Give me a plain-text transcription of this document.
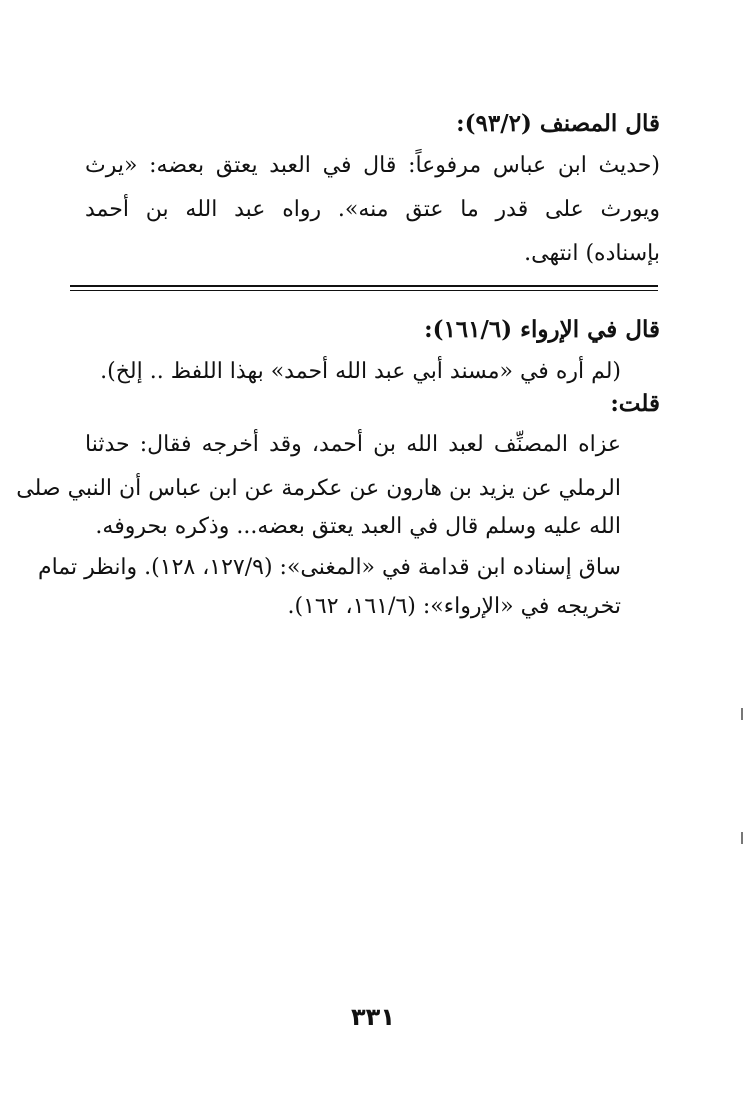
قال المصنف (٩٣/٢):
(حديث ابن عباس مرفوعاً: قال في العبد يعتق بعضه: «يرث
ويورث على قدر ما عتق منه». رواه عبد الله بن أحمد
بإسناده) انتهى.
قال في الإرواء (١٦١/٦):
(لم أره في «مسند أبي عبد الله أحمد» بهذا اللفظ .. إلخ).
قلت:
عزاه المصنِّف لعبد الله بن أحمد، وقد أخرجه فقال: حدثنا
الرملي عن يزيد بن هارون عن عكرمة عن ابن عباس أن النبي صلى
الله عليه وسلم قال في العبد يعتق بعضه... وذكره بحروفه.
ساق إسناده ابن قدامة في «المغنى»: (١٢٧/٩، ١٢٨). وانظر تمام
تخريجه في «الإرواء»: (١٦١/٦، ١٦٢).
٣٣١
